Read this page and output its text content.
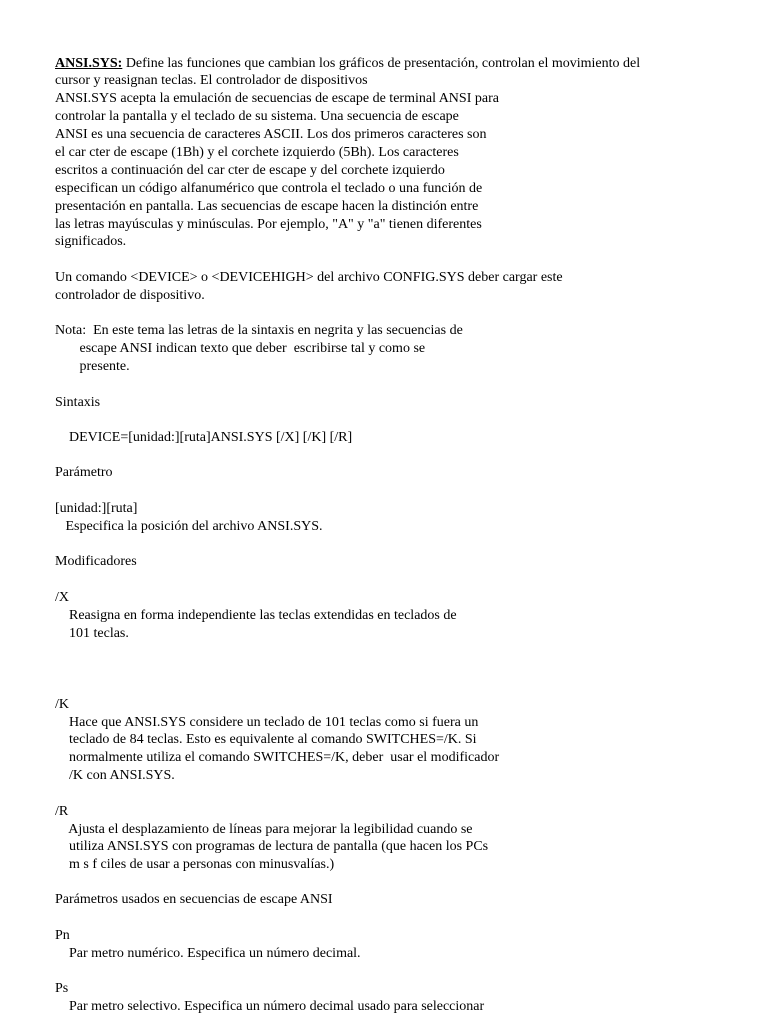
ANSI.SYS: Define las funciones que cambian los gráficos de presentación, controlan el movimiento del
cursor y reasignan teclas. El controlador de dispositivos
ANSI.SYS acepta la emulación de secuencias de escape de terminal ANSI para
controlar la pantalla y el teclado de su sistema. Una secuencia de escape
ANSI es una secuencia de caracteres ASCII. Los dos primeros caracteres son
el car cter de escape (1Bh) y el corchete izquierdo (5Bh). Los caracteres
escritos a continuación del car cter de escape y del corchete izquierdo
especifican un código alfanumérico que controla el teclado o una función de
presentación en pantalla. Las secuencias de escape hacen la distinción entre
las letras mayúsculas y minúsculas. Por ejemplo, "A" y "a" tienen diferentes
significados.
Un comando <DEVICE> o <DEVICEHIGH> del archivo CONFIG.SYS deber cargar este
controlador de dispositivo.
Nota:  En este tema las letras de la sintaxis en negrita y las secuencias de
escape ANSI indican texto que deber  escribirse tal y como se
presente.
Sintaxis
DEVICE=[unidad:][ruta]ANSI.SYS [/X] [/K] [/R]
Parámetro
[unidad:][ruta]
Especifica la posición del archivo ANSI.SYS.
Modificadores
/X
Reasigna en forma independiente las teclas extendidas en teclados de
101 teclas.
/K
Hace que ANSI.SYS considere un teclado de 101 teclas como si fuera un
teclado de 84 teclas. Esto es equivalente al comando SWITCHES=/K. Si
normalmente utiliza el comando SWITCHES=/K, deber  usar el modificador
/K con ANSI.SYS.
/R
Ajusta el desplazamiento de líneas para mejorar la legibilidad cuando se
utiliza ANSI.SYS con programas de lectura de pantalla (que hacen los PCs
m s f ciles de usar a personas con minusvalías.)
Parámetros usados en secuencias de escape ANSI
Pn
Par metro numérico. Especifica un número decimal.
Ps
Par metro selectivo. Especifica un número decimal usado para seleccionar
